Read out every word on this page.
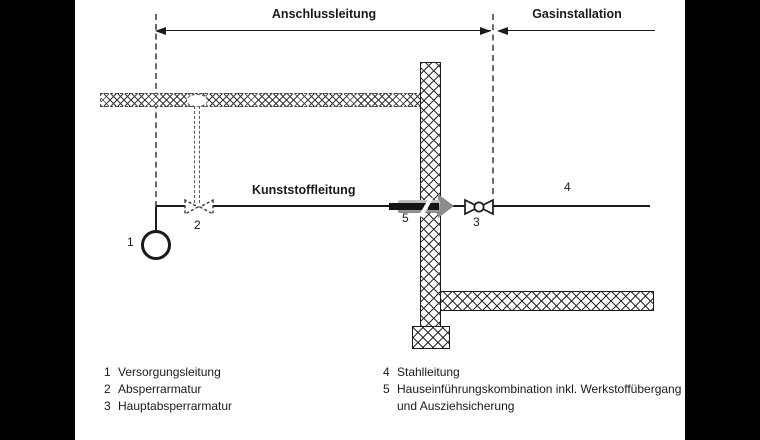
Anschlussleitung	Gasinstallation
Kunststoffleitung
1
2	3
4
5
1 Versorgungsleitung
2 Absperrarmatur
3 Hauptabsperrarmatur
4 Stahlleitung
5 Hauseinführungskombination inkl. Werkstoffübergang
und Ausziehsicherung
